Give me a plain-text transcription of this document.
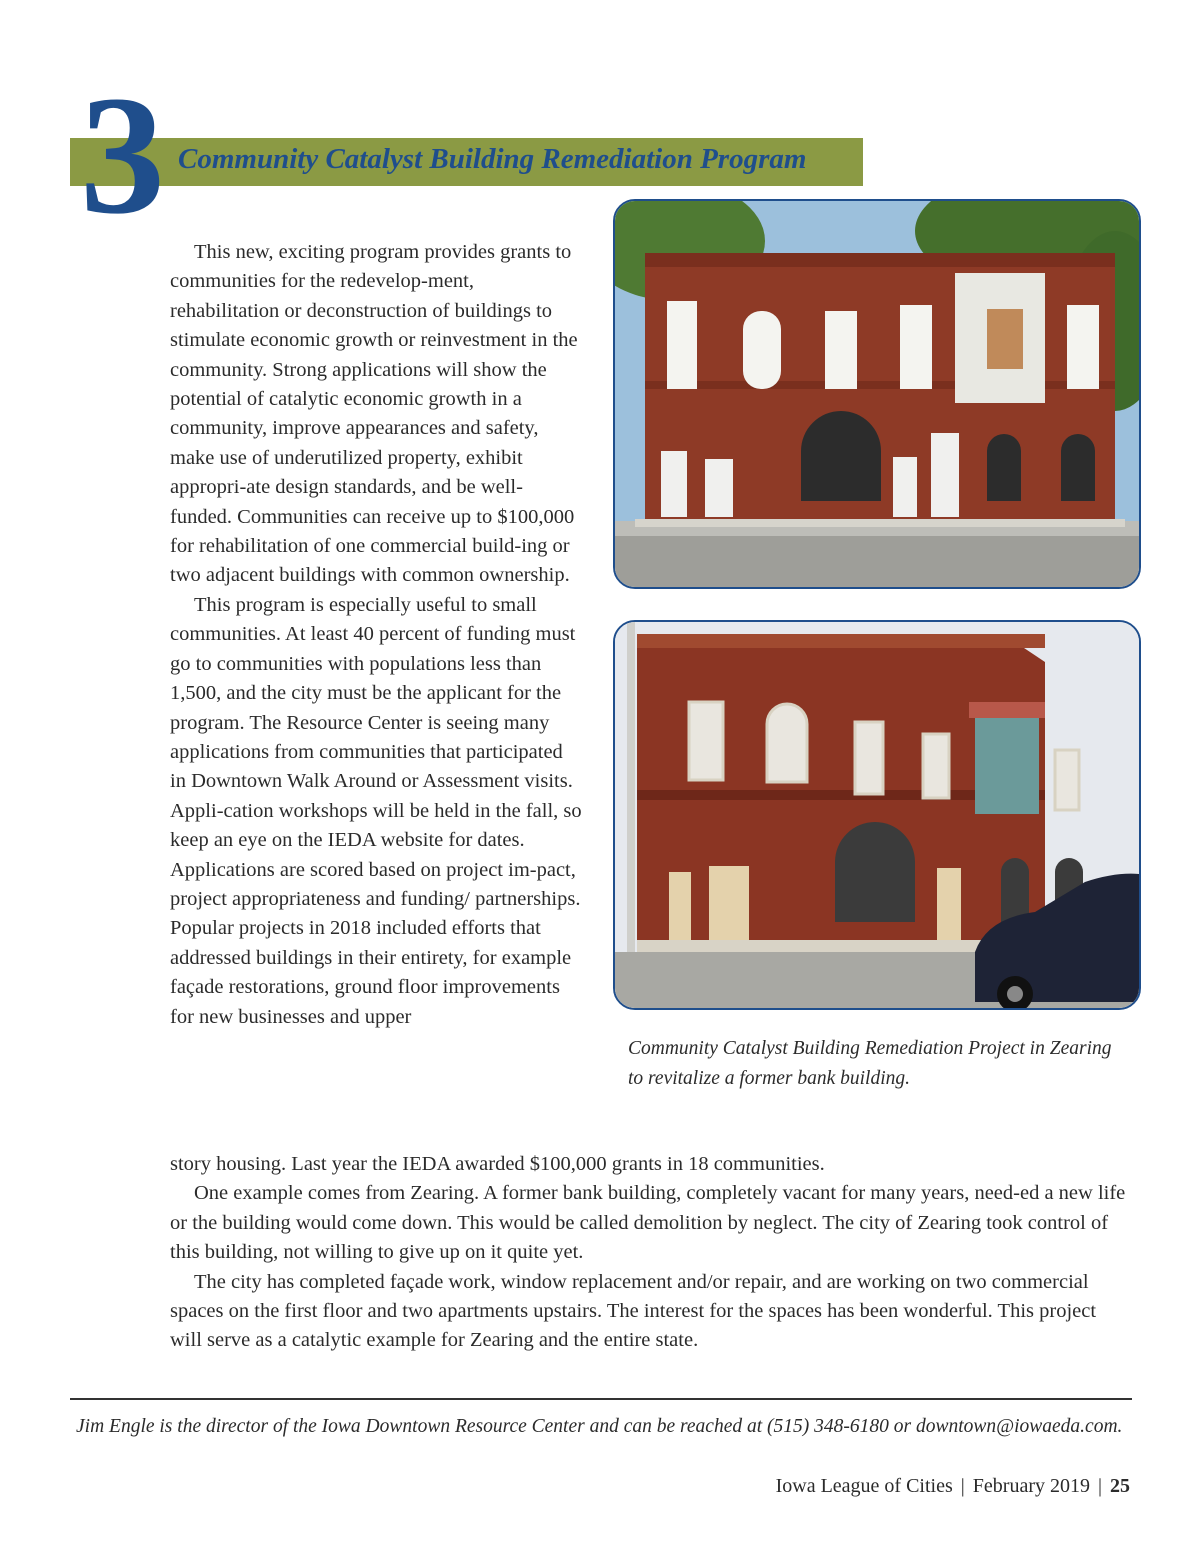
3 Community Catalyst Building Remediation Program

This new, exciting program provides grants to communities for the redevelop-ment, rehabilitation or deconstruction of buildings to stimulate economic growth or reinvestment in the community. Strong applications will show the potential of catalytic economic growth in a community, improve appearances and safety, make use of underutilized property, exhibit appropri-ate design standards, and be well-funded. Communities can receive up to $100,000 for rehabilitation of one commercial build-ing or two adjacent buildings with common ownership.

This program is especially useful to small communities. At least 40 percent of funding must go to communities with populations less than 1,500, and the city must be the applicant for the program. The Resource Center is seeing many applications from communities that participated in Downtown Walk Around or Assessment visits. Appli-cation workshops will be held in the fall, so keep an eye on the IEDA website for dates. Applications are scored based on project im-pact, project appropriateness and funding/ partnerships.

Popular projects in 2018 included efforts that addressed buildings in their entirety, for example façade restorations, ground floor improvements for new businesses and upper

Community Catalyst Building Remediation Project in Zearing to revitalize a former bank building.

story housing. Last year the IEDA awarded $100,000 grants in 18 communities.

One example comes from Zearing. A former bank building, completely vacant for many years, need-ed a new life or the building would come down. This would be called demolition by neglect. The city of Zearing took control of this building, not willing to give up on it quite yet.

The city has completed façade work, window replacement and/or repair, and are working on two commercial spaces on the first floor and two apartments upstairs. The interest for the spaces has been wonderful. This project will serve as a catalytic example for Zearing and the entire state.

Jim Engle is the director of the Iowa Downtown Resource Center and can be reached at (515) 348-6180 or downtown@iowaeda.com.
Iowa League of Cities | February 2019 | 25
